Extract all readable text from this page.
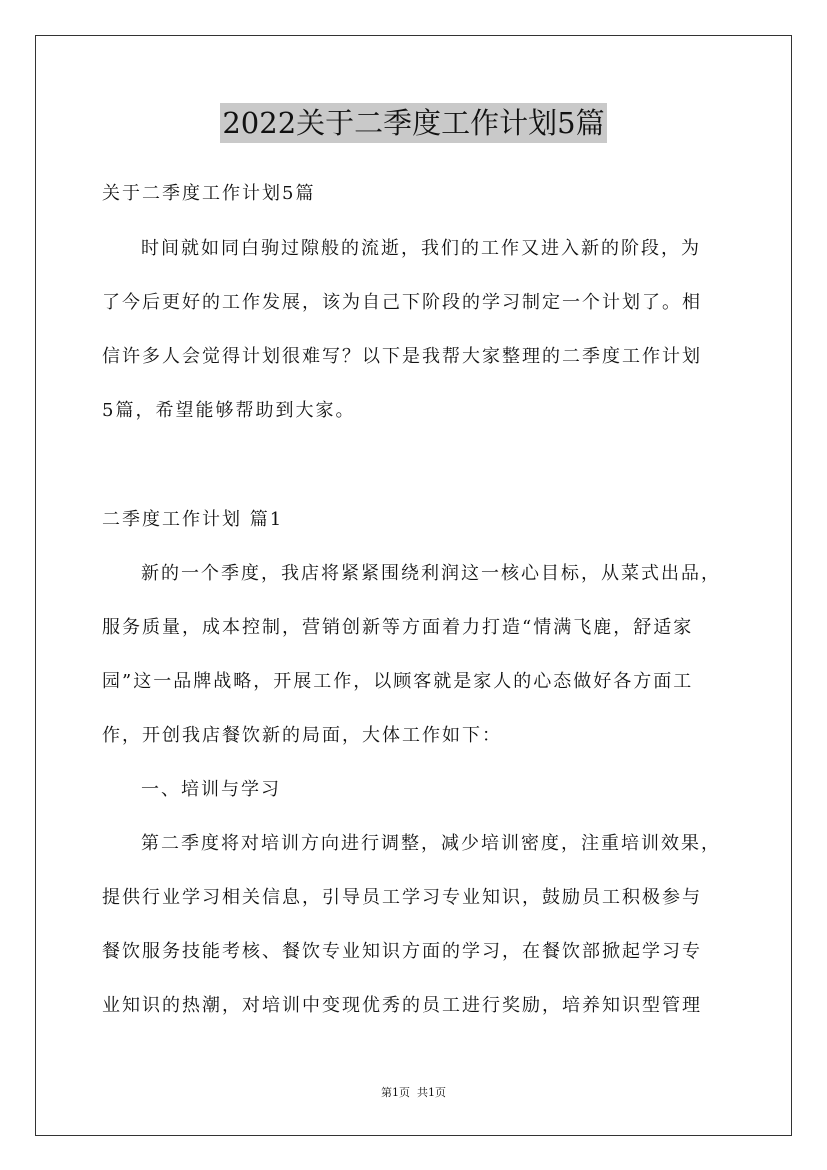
2022关于二季度工作计划5篇
关于二季度工作计划5篇
时间就如同白驹过隙般的流逝，我们的工作又进入新的阶段，为
了今后更好的工作发展，该为自己下阶段的学习制定一个计划了。相
信许多人会觉得计划很难写？以下是我帮大家整理的二季度工作计划
5篇，希望能够帮助到大家。
二季度工作计划 篇1
新的一个季度，我店将紧紧围绕利润这一核心目标，从菜式出品，
服务质量，成本控制，营销创新等方面着力打造“情满飞鹿，舒适家
园”这一品牌战略，开展工作，以顾客就是家人的心态做好各方面工
作，开创我店餐饮新的局面，大体工作如下：
一、培训与学习
第二季度将对培训方向进行调整，减少培训密度，注重培训效果，
提供行业学习相关信息，引导员工学习专业知识，鼓励员工积极参与
餐饮服务技能考核、餐饮专业知识方面的学习，在餐饮部掀起学习专
业知识的热潮，对培训中变现优秀的员工进行奖励，培养知识型管理
第1页  共1页
